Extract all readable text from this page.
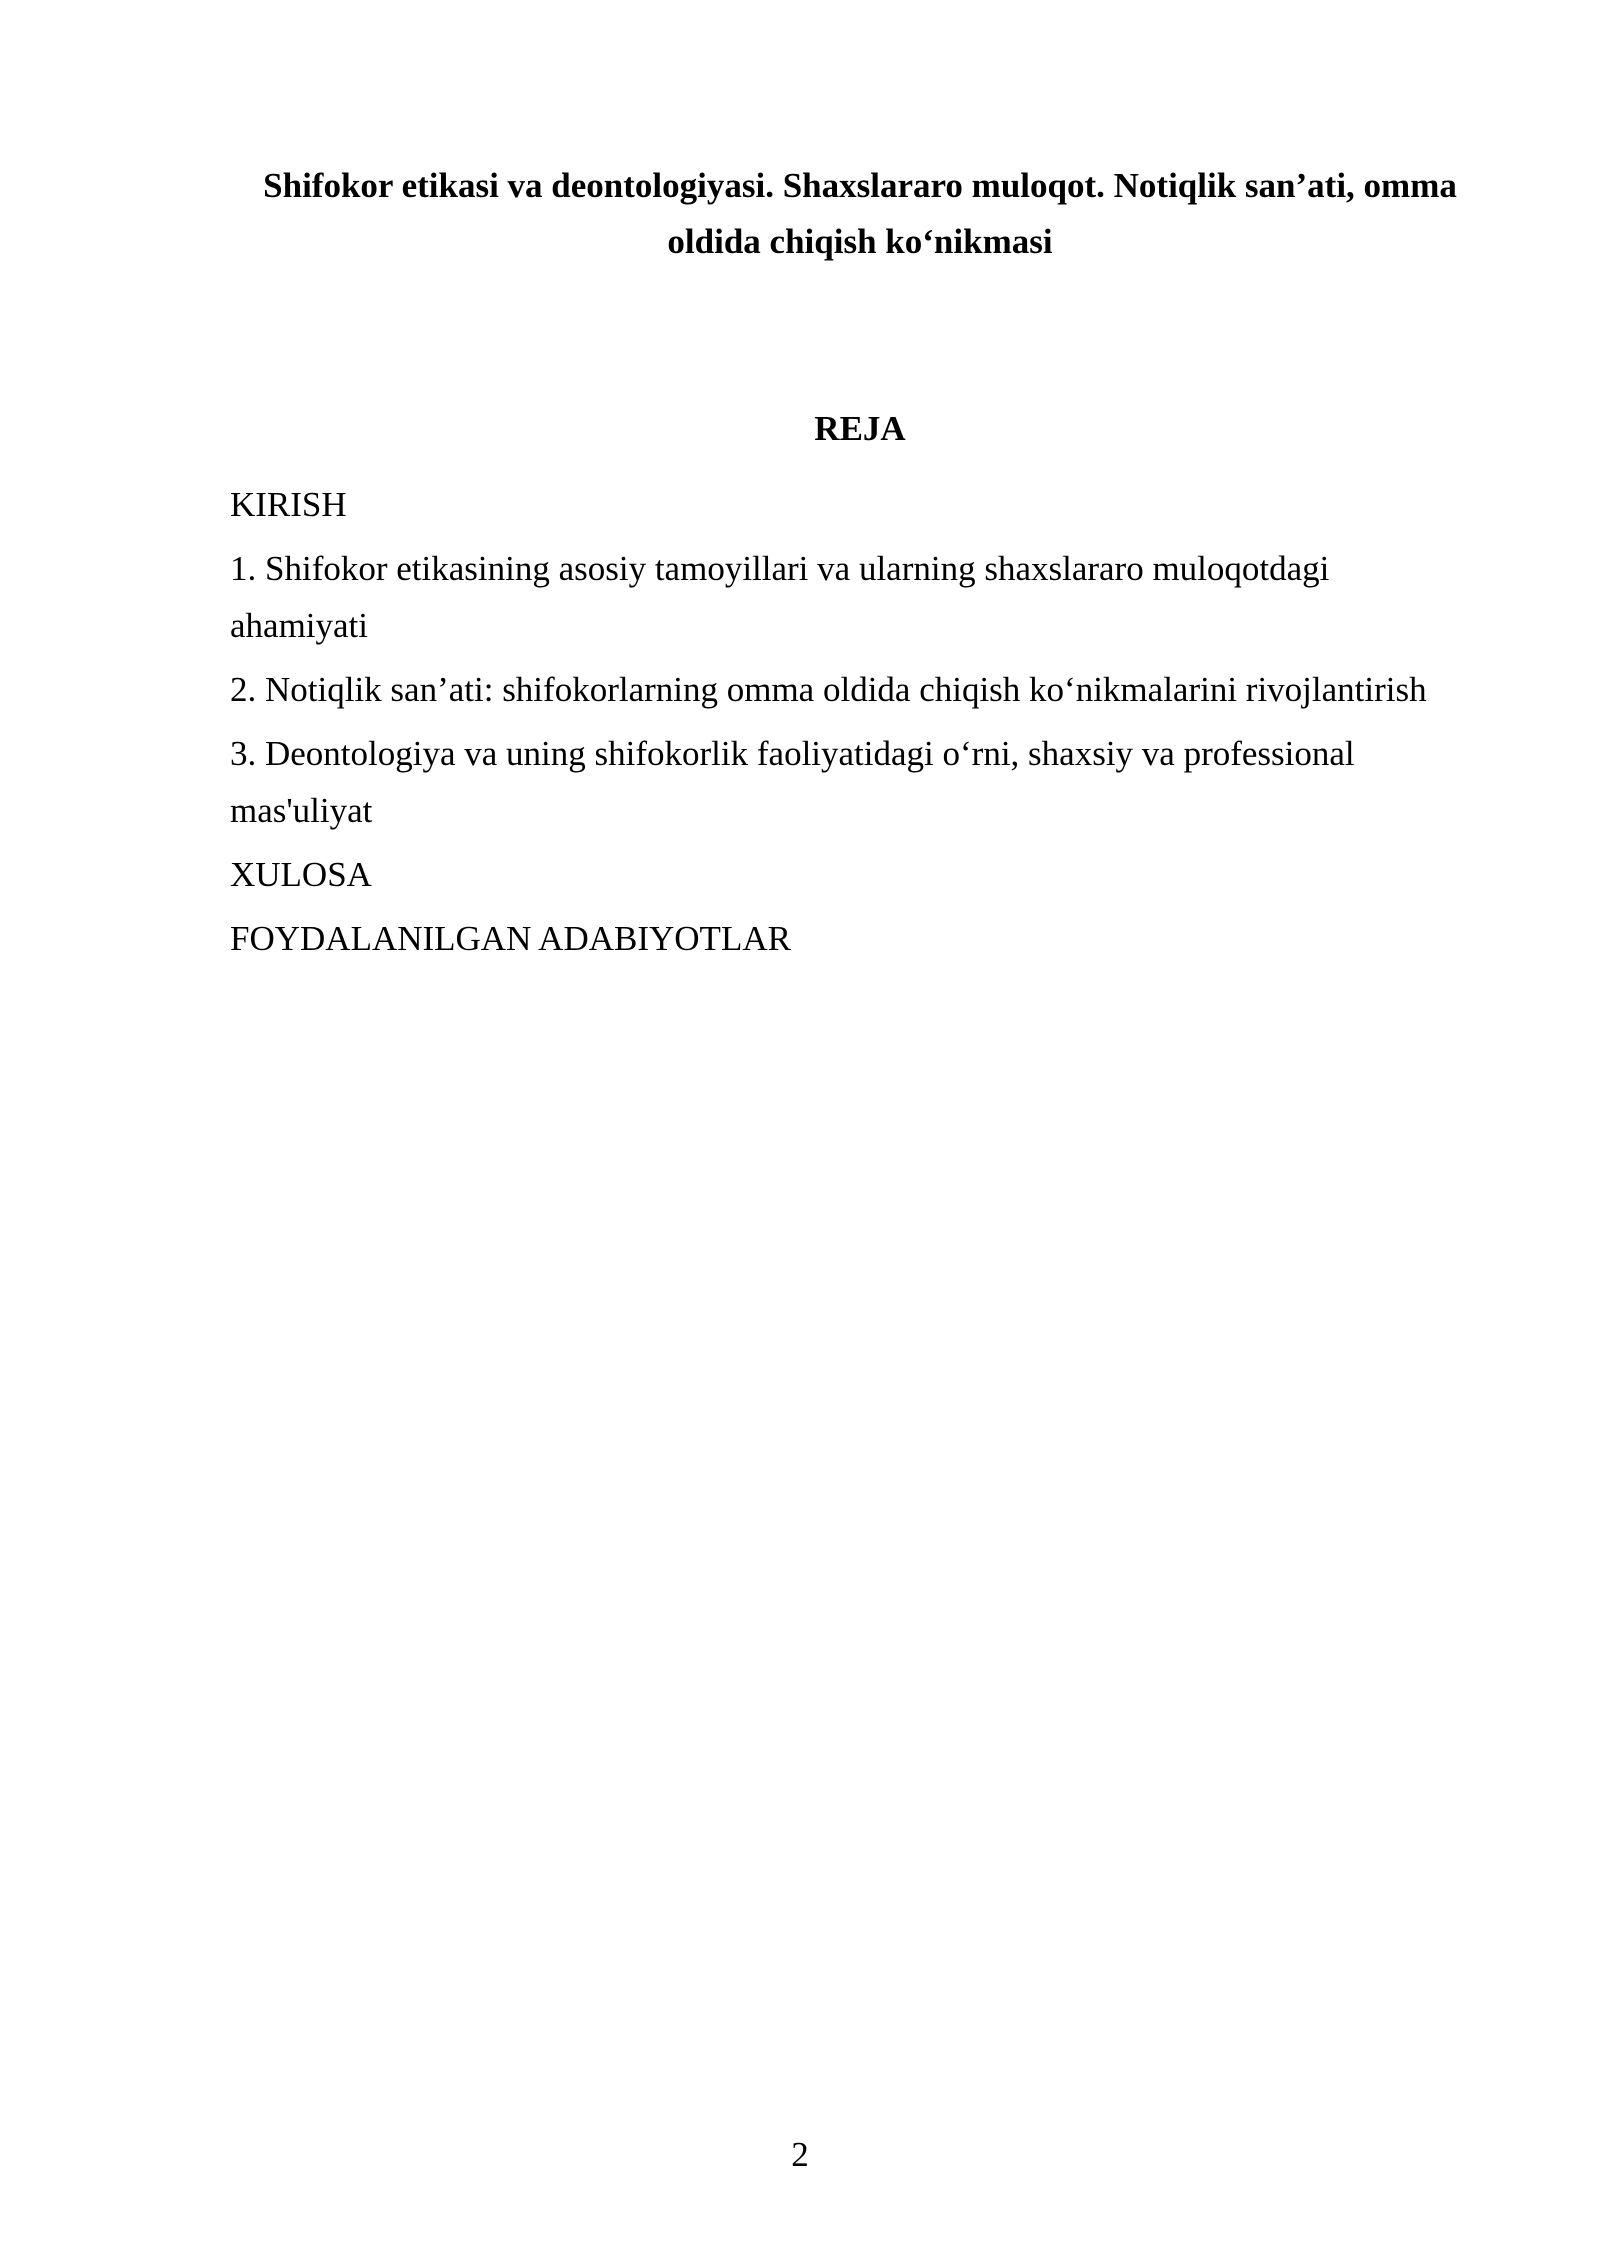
Shifokor etikasi va deontologiyasi. Shaxslararo muloqot. Notiqlik san’ati, omma oldida chiqish ko‘nikmasi
REJA
KIRISH
1. Shifokor etikasining asosiy tamoyillari va ularning shaxslararo muloqotdagi ahamiyati
2. Notiqlik san’ati: shifokorlarning omma oldida chiqish ko‘nikmalarini rivojlantirish
3. Deontologiya va uning shifokorlik faoliyatidagi o‘rni, shaxsiy va professional mas'uliyat
XULOSA
FOYDALANILGAN ADABIYOTLAR
2
